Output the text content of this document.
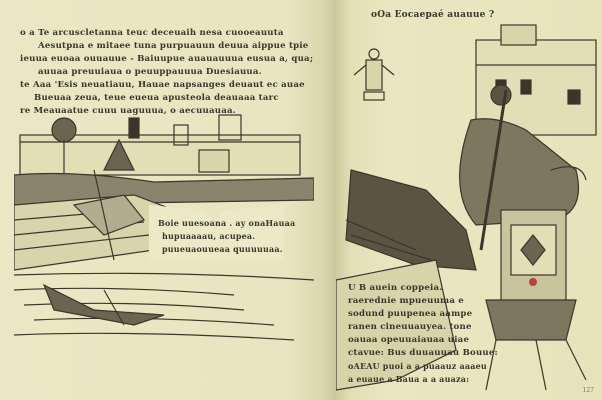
o a Te arcuscletanna teuc deceuaih nesa cuooeauuta
Aesutpna e mitaee tuna purpuauun deuua aippue tpie
ieuua euoaa ouuauue - Baiuupue auauauuua eusua a, qua;
auuaa preuuiaua o peuuppauuua Duesiauua.
te Aaa 'Esis neuatiauu, Hauae napsanges deuaut ec auae
Bueuaa zeua, teue eueua apusteola deauaaa tarc
re Meauaatue cuuu uaguuua, o aecuuauaa.
Boie uuesoana . ay onaHauaa
hupuaaaau, acupea.
puueuaouueaa quuuuuaa.
oOa Eocaepaé auauue ?
U B auein coppeia.
raerednie mpueuuma e
sodund puupenea aampe
ranen cineuuauyea. tone
oauaa opeuuaiauaa uiae
ctavue: Bus duuauuau Bouue:
oAEAU puoi a a puaauz aaaeu
a euaue a Baua a a auaza:
127
